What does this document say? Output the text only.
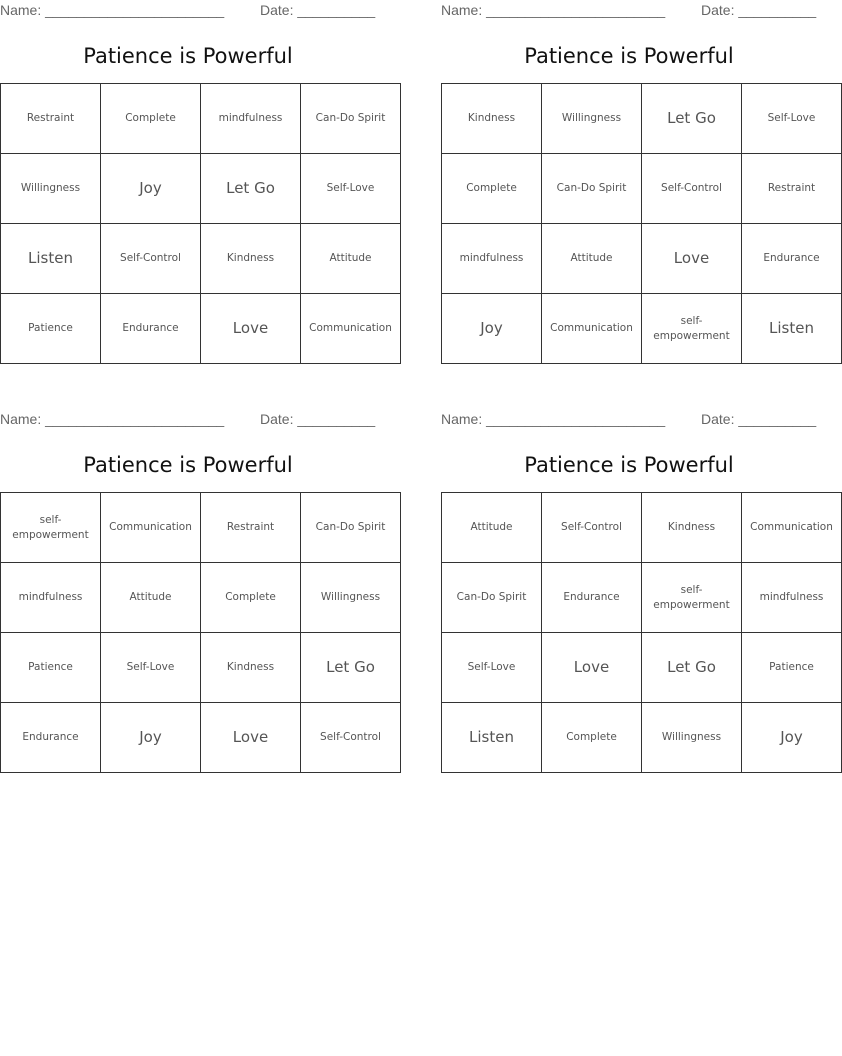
Name: _______________________	Date: __________
Patience is Powerful
Restraint	Complete	mindfulness	Can-Do Spirit
Willingness	Joy	Let Go	Self-Love
Listen	Self-Control	Kindness	Attitude
Patience	Endurance	Love	Communication
Name: _______________________	Date: __________
Patience is Powerful
Kindness	Willingness	Let Go	Self-Love
Complete	Can-Do Spirit	Self-Control	Restraint
mindfulness	Attitude	Love	Endurance
Joy	Communication	self-empowerment	Listen
Name: _______________________	Date: __________
Patience is Powerful
self-empowerment	Communication	Restraint	Can-Do Spirit
mindfulness	Attitude	Complete	Willingness
Patience	Self-Love	Kindness	Let Go
Endurance	Joy	Love	Self-Control
Name: _______________________	Date: __________
Patience is Powerful
Attitude	Self-Control	Kindness	Communication
Can-Do Spirit	Endurance	self-empowerment	mindfulness
Self-Love	Love	Let Go	Patience
Listen	Complete	Willingness	Joy
